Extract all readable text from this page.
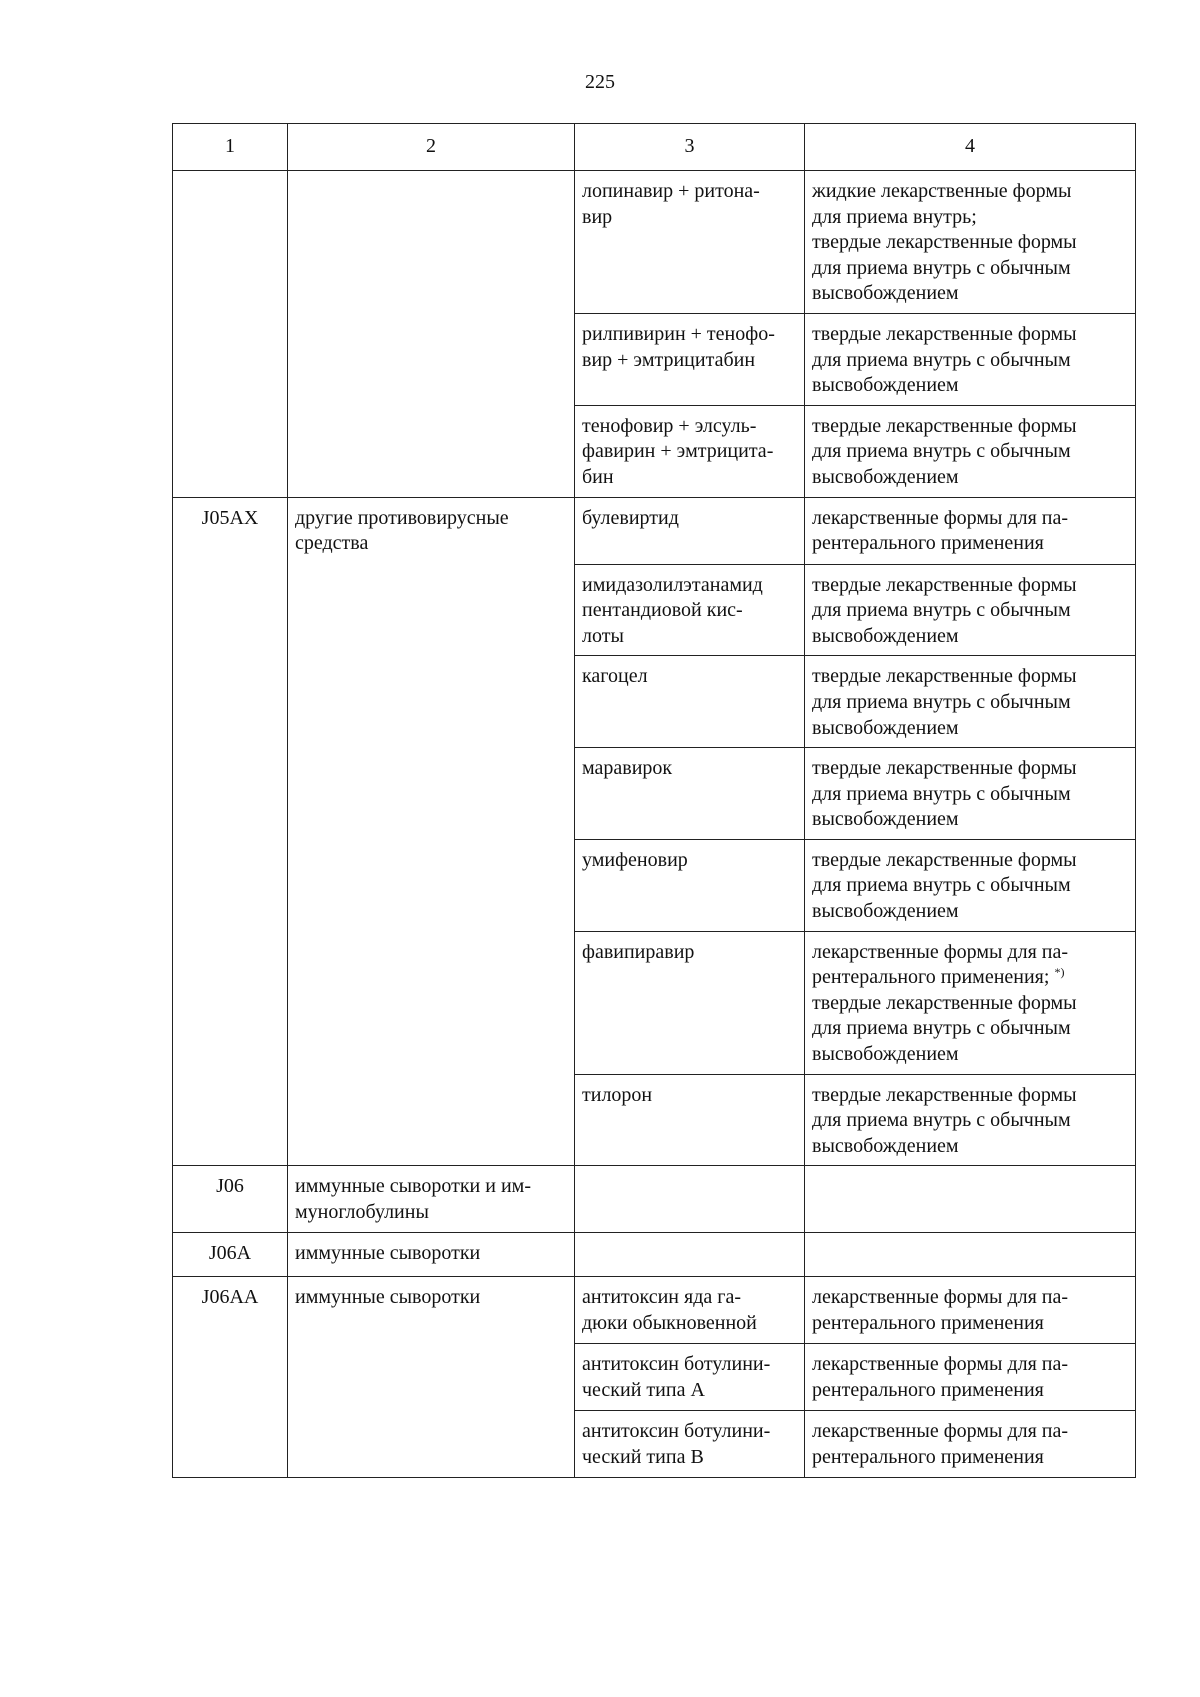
225
1	2	3	4
		лопинавир + ритона-
вир	жидкие лекарственные формы
для приема внутрь;
твердые лекарственные формы
для приема внутрь с обычным
высвобождением
		рилпивирин + тенофо-
вир + эмтрицитабин	твердые лекарственные формы
для приема внутрь с обычным
высвобождением
		тенофовир + элсуль-
фавирин + эмтрицита-
бин	твердые лекарственные формы
для приема внутрь с обычным
высвобождением
J05AX	другие противовирусные
средства	булевиртид	лекарственные формы для па-
рентерального применения
		имидазолилэтанамид
пентандиовой кис-
лоты	твердые лекарственные формы
для приема внутрь с обычным
высвобождением
		кагоцел	твердые лекарственные формы
для приема внутрь с обычным
высвобождением
		маравирок	твердые лекарственные формы
для приема внутрь с обычным
высвобождением
		умифеновир	твердые лекарственные формы
для приема внутрь с обычным
высвобождением
		фавипиравир	лекарственные формы для па-
рентерального применения; *)
твердые лекарственные формы
для приема внутрь с обычным
высвобождением
		тилорон	твердые лекарственные формы
для приема внутрь с обычным
высвобождением
J06	иммунные сыворотки и им-
муноглобулины		
J06A	иммунные сыворотки		
J06AA	иммунные сыворотки	антитоксин яда га-
дюки обыкновенной	лекарственные формы для па-
рентерального применения
		антитоксин ботулини-
ческий типа А	лекарственные формы для па-
рентерального применения
		антитоксин ботулини-
ческий типа В	лекарственные формы для па-
рентерального применения
